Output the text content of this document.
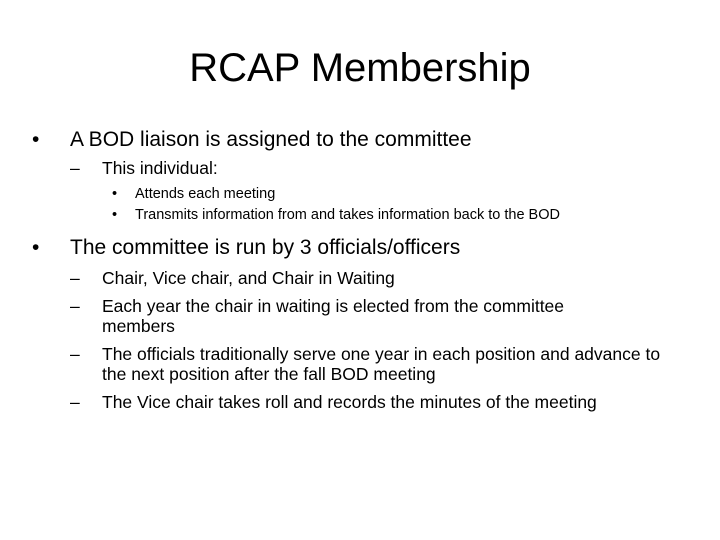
RCAP Membership
• A BOD liaison is assigned to the committee
– This individual:
• Attends each meeting
• Transmits information from and takes information back to the BOD
• The committee is run by 3 officials/officers
– Chair, Vice chair, and Chair in Waiting
– Each year the chair in waiting is elected from the committee members
– The officials traditionally serve one year in each position and advance to the next position after the fall BOD meeting
– The Vice chair takes roll and records the minutes of the meeting
